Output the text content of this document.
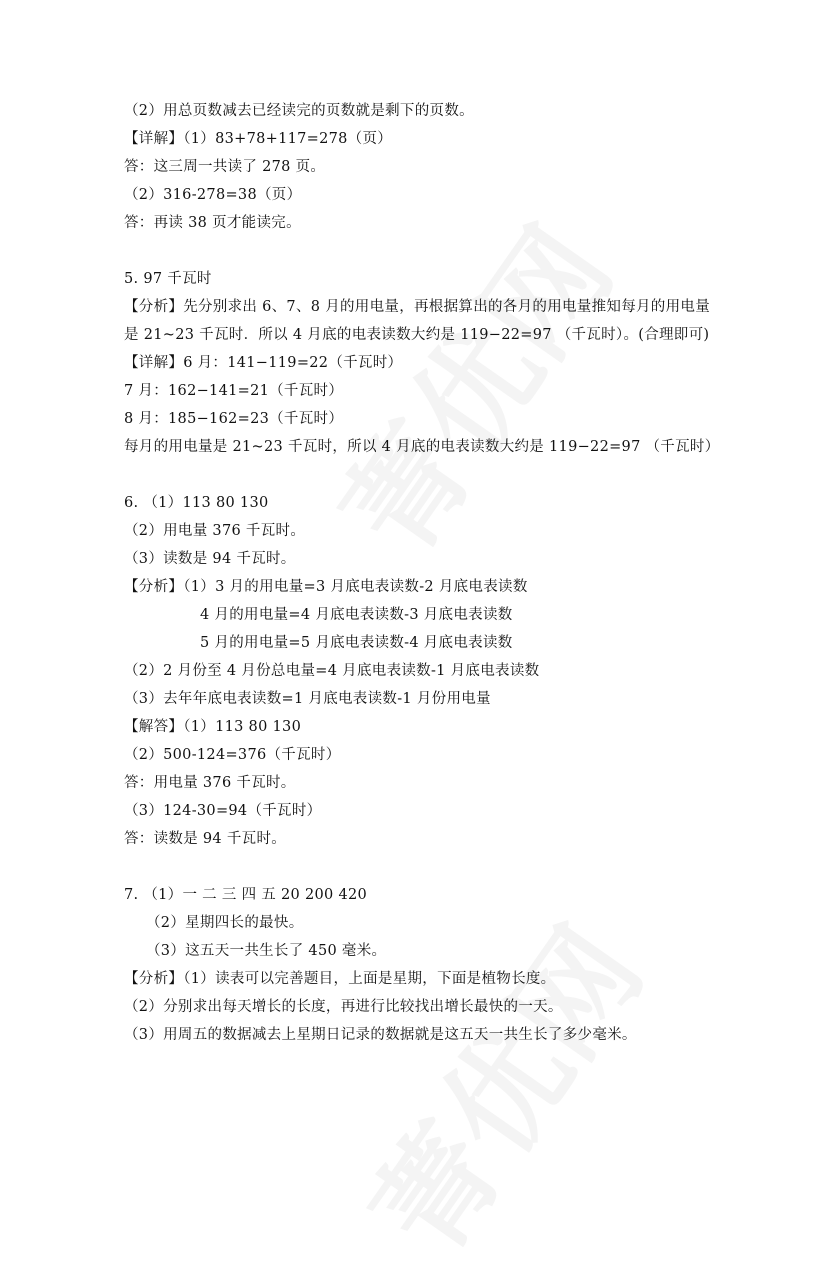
（2）用总页数减去已经读完的页数就是剩下的页数。
【详解】（1）83+78+117=278（页）
答：这三周一共读了 278 页。
（2）316-278=38（页）
答：再读 38 页才能读完。
5. 97 千瓦时
【分析】先分别求出 6、7、8 月的用电量，再根据算出的各月的用电量推知每月的用电量
是 21~23 千瓦时．所以 4 月底的电表读数大约是 119−22=97 （千瓦时）。(合理即可)
【详解】6 月：141−119=22（千瓦时）
7 月：162−141=21（千瓦时）
8 月：185−162=23（千瓦时）
每月的用电量是 21~23 千瓦时，所以 4 月底的电表读数大约是 119−22=97 （千瓦时）
6. （1）113 80 130
（2）用电量 376 千瓦时。
（3）读数是 94 千瓦时。
【分析】（1）3 月的用电量=3 月底电表读数-2 月底电表读数
4 月的用电量=4 月底电表读数-3 月底电表读数
5 月的用电量=5 月底电表读数-4 月底电表读数
（2）2 月份至 4 月份总电量=4 月底电表读数-1 月底电表读数
（3）去年年底电表读数=1 月底电表读数-1 月份用电量
【解答】（1）113 80 130
（2）500-124=376（千瓦时）
答：用电量 376 千瓦时。
（3）124-30=94（千瓦时）
答：读数是 94 千瓦时。
7. （1）一 二 三 四 五 20 200 420
（2）星期四长的最快。
（3）这五天一共生长了 450 毫米。
【分析】（1）读表可以完善题目，上面是星期，下面是植物长度。
（2）分别求出每天增长的长度，再进行比较找出增长最快的一天。
（3）用周五的数据减去上星期日记录的数据就是这五天一共生长了多少毫米。
